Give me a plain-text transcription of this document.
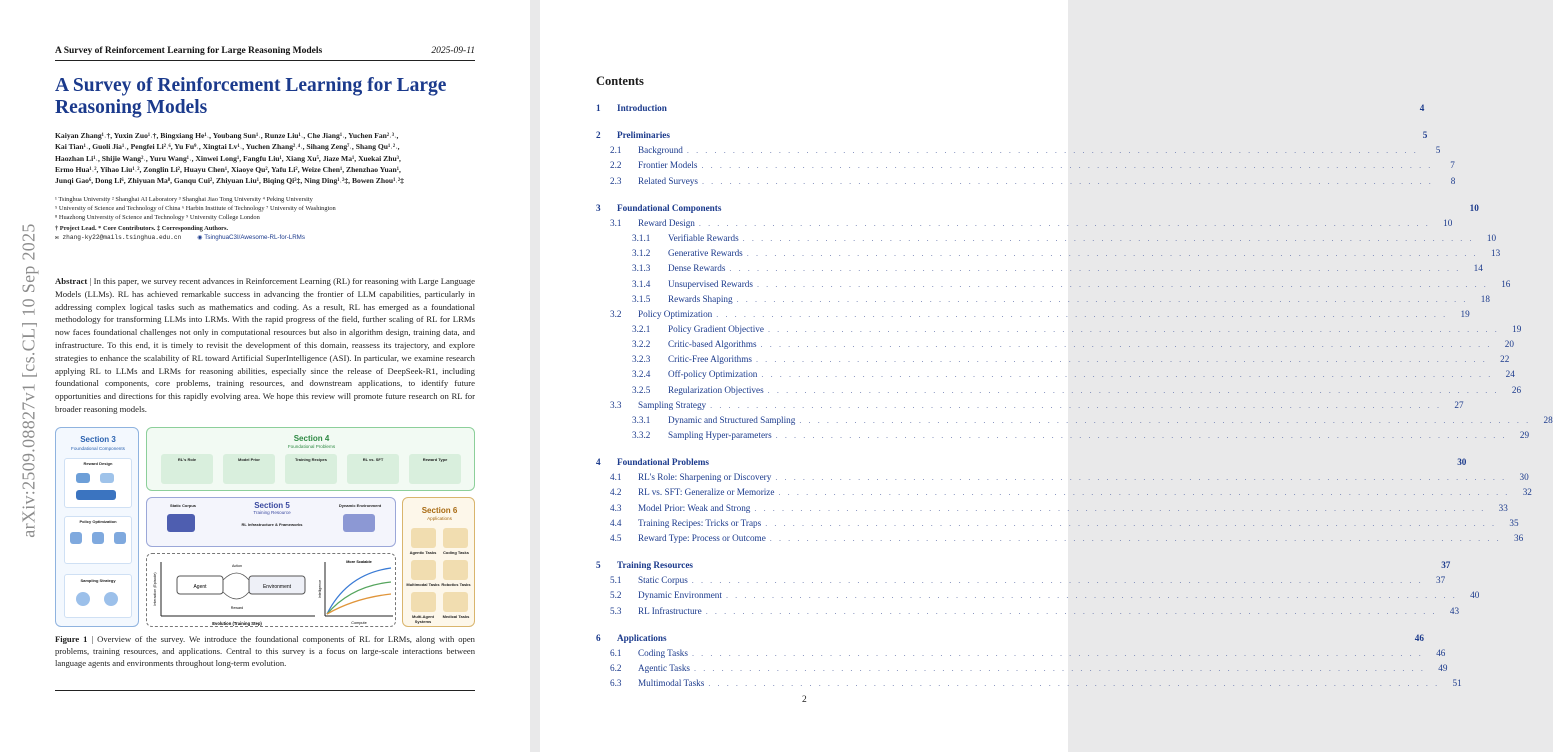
arXiv:2509.08827v1 [cs.CL] 10 Sep 2025
A Survey of Reinforcement Learning for Large Reasoning Models	2025-09-11
A Survey of Reinforcement Learning for Large
Reasoning Models
Kaiyan Zhang¹˒†, Yuxin Zuo¹˒†, Bingxiang He¹˒, Youbang Sun¹˒, Runze Liu¹˒, Che Jiang¹˒, Yuchen Fan²˒³˒,
Kai Tian¹˒, Guoli Jia¹˒, Pengfei Li²˒⁶, Yu Fu⁹˒, Xingtai Lv¹˒, Yuchen Zhang²˒⁴˒, Sihang Zeng⁷˒, Shang Qu¹˒²˒,
Haozhan Li¹˒, Shijie Wang²˒, Yuru Wang¹˒, Xinwei Long¹, Fangfu Liu¹, Xiang Xu⁵, Jiaze Ma¹, Xuekai Zhu³,
Ermo Hua¹˒², Yihao Liu¹˒², Zonglin Li², Huayu Chen¹, Xiaoye Qu², Yafu Li², Weize Chen¹, Zhenzhao Yuan¹,
Junqi Gao⁶, Dong Li⁶, Zhiyuan Ma⁸, Ganqu Cui², Zhiyuan Liu¹, Biqing Qi²‡, Ning Ding¹˒²‡, Bowen Zhou¹˒²‡
¹ Tsinghua University ² Shanghai AI Laboratory ³ Shanghai Jiao Tong University ⁴ Peking University
⁵ University of Science and Technology of China ⁶ Harbin Institute of Technology ⁷ University of Washington
⁸ Huazhong University of Science and Technology ⁹ University College London
† Project Lead. * Core Contributors. ‡ Corresponding Authors.
✉ zhang-ky22@mails.tsinghua.edu.cn	◉ TsinghuaC3I/Awesome-RL-for-LRMs

Abstract | In this paper, we survey recent advances in Reinforcement Learning (RL) for reasoning with Large Language Models (LLMs). RL has achieved remarkable success in advancing the frontier of LLM capabilities, particularly in addressing complex logical tasks such as mathematics and coding. As a result, RL has emerged as a foundational methodology for transforming LLMs into LRMs. With the rapid progress of the field, further scaling of RL for LRMs now faces foundational challenges not only in computational resources but also in algorithm design, training data, and infrastructure. To this end, it is timely to revisit the development of this domain, reassess its trajectory, and explore strategies to enhance the scalability of RL toward Artificial SuperIntelligence (ASI). In particular, we examine research applying RL to LLMs and LRMs for reasoning abilities, especially since the release of DeepSeek-R1, including foundational components, core problems, training resources, and downstream applications, to identify future opportunities and directions for this rapidly evolving area. We hope this review will promote future research on RL for broader reasoning models.

Section 3
Foundational Components
Reward Design
Policy Optimization
Sampling Strategy
Section 4
Foundational Problems
RL's Role	Model Prior	Training Recipes	RL vs. SFT	Reward Type
Section 5
Training Resource
Static Corpus
RL Infrastructure & Frameworks
Dynamic Environment
Section 6
Applications
Agentic Tasks	Coding Tasks
Multimodal Tasks Robotics Tasks
Multi-Agent Systems
Medical Tasks
Agent	Environment
Action
Reward
Evolution (Training Step)
Interaction (Episode)
More Scalable
Compute
Intelligence

Figure 1 | Overview of the survey. We introduce the foundational components of RL for LRMs, along with open problems, training resources, and applications. Central to this survey is a focus on large-scale interactions between language agents and environments throughout long-term evolution.

Contents
1	Introduction	4
2	Preliminaries	5
2.1	Background . . . . . . . . . . . . . . . . . . . . . . . . . . . . . . . . . . . . . . . . . . . . . . . . . . . . . . . . . . . . . . . . . . . . . . . . . . . . . . . .	5
2.2	Frontier Models . . . . . . . . . . . . . . . . . . . . . . . . . . . . . . . . . . . . . . . . . . . . . . . . . . . . . . . . . . . . . . . . . . . . . . . . . . . . . . . .	7
2.3	Related Surveys . . . . . . . . . . . . . . . . . . . . . . . . . . . . . . . . . . . . . . . . . . . . . . . . . . . . . . . . . . . . . . . . . . . . . . . . . . . . . . . .	8
3	Foundational Components	10
3.1	Reward Design . . . . . . . . . . . . . . . . . . . . . . . . . . . . . . . . . . . . . . . . . . . . . . . . . . . . . . . . . . . . . . . . . . . . . . . . . . . . . . . .	10
3.1.1	Verifiable Rewards . . . . . . . . . . . . . . . . . . . . . . . . . . . . . . . . . . . . . . . . . . . . . . . . . . . . . . . . . . . . . . . . . . . . . . . . . . . . . . . .	10
3.1.2	Generative Rewards . . . . . . . . . . . . . . . . . . . . . . . . . . . . . . . . . . . . . . . . . . . . . . . . . . . . . . . . . . . . . . . . . . . . . . . . . . . . . . . .	13
3.1.3	Dense Rewards . . . . . . . . . . . . . . . . . . . . . . . . . . . . . . . . . . . . . . . . . . . . . . . . . . . . . . . . . . . . . . . . . . . . . . . . . . . . . . . .	14
3.1.4	Unsupervised Rewards . . . . . . . . . . . . . . . . . . . . . . . . . . . . . . . . . . . . . . . . . . . . . . . . . . . . . . . . . . . . . . . . . . . . . . . . . . . . . . . .	16
3.1.5	Rewards Shaping . . . . . . . . . . . . . . . . . . . . . . . . . . . . . . . . . . . . . . . . . . . . . . . . . . . . . . . . . . . . . . . . . . . . . . . . . . . . . . . .	18
3.2	Policy Optimization . . . . . . . . . . . . . . . . . . . . . . . . . . . . . . . . . . . . . . . . . . . . . . . . . . . . . . . . . . . . . . . . . . . . . . . . . . . . . . . .	19
3.2.1	Policy Gradient Objective . . . . . . . . . . . . . . . . . . . . . . . . . . . . . . . . . . . . . . . . . . . . . . . . . . . . . . . . . . . . . . . . . . . . . . . . . . . . . . . .	19
3.2.2	Critic-based Algorithms . . . . . . . . . . . . . . . . . . . . . . . . . . . . . . . . . . . . . . . . . . . . . . . . . . . . . . . . . . . . . . . . . . . . . . . . . . . . . . . .	20
3.2.3	Critic-Free Algorithms . . . . . . . . . . . . . . . . . . . . . . . . . . . . . . . . . . . . . . . . . . . . . . . . . . . . . . . . . . . . . . . . . . . . . . . . . . . . . . . .	22
3.2.4	Off-policy Optimization . . . . . . . . . . . . . . . . . . . . . . . . . . . . . . . . . . . . . . . . . . . . . . . . . . . . . . . . . . . . . . . . . . . . . . . . . . . . . . . .	24
3.2.5	Regularization Objectives . . . . . . . . . . . . . . . . . . . . . . . . . . . . . . . . . . . . . . . . . . . . . . . . . . . . . . . . . . . . . . . . . . . . . . . . . . . . . . . .	26
3.3	Sampling Strategy . . . . . . . . . . . . . . . . . . . . . . . . . . . . . . . . . . . . . . . . . . . . . . . . . . . . . . . . . . . . . . . . . . . . . . . . . . . . . . . .	27
3.3.1	Dynamic and Structured Sampling . . . . . . . . . . . . . . . . . . . . . . . . . . . . . . . . . . . . . . . . . . . . . . . . . . . . . . . . . . . . . . . . . . . . . . . . . . . . . . . .	28
3.3.2	Sampling Hyper-parameters . . . . . . . . . . . . . . . . . . . . . . . . . . . . . . . . . . . . . . . . . . . . . . . . . . . . . . . . . . . . . . . . . . . . . . . . . . . . . . . .	29
4	Foundational Problems	30
4.1	RL's Role: Sharpening or Discovery . . . . . . . . . . . . . . . . . . . . . . . . . . . . . . . . . . . . . . . . . . . . . . . . . . . . . . . . . . . . . . . . . . . . . . . . . . . . . . . .	30
4.2	RL vs. SFT: Generalize or Memorize . . . . . . . . . . . . . . . . . . . . . . . . . . . . . . . . . . . . . . . . . . . . . . . . . . . . . . . . . . . . . . . . . . . . . . . . . . . . . . . .	32
4.3	Model Prior: Weak and Strong . . . . . . . . . . . . . . . . . . . . . . . . . . . . . . . . . . . . . . . . . . . . . . . . . . . . . . . . . . . . . . . . . . . . . . . . . . . . . . . .	33
4.4	Training Recipes: Tricks or Traps . . . . . . . . . . . . . . . . . . . . . . . . . . . . . . . . . . . . . . . . . . . . . . . . . . . . . . . . . . . . . . . . . . . . . . . . . . . . . . . .	35
4.5	Reward Type: Process or Outcome . . . . . . . . . . . . . . . . . . . . . . . . . . . . . . . . . . . . . . . . . . . . . . . . . . . . . . . . . . . . . . . . . . . . . . . . . . . . . . . .	36
5	Training Resources	37
5.1	Static Corpus . . . . . . . . . . . . . . . . . . . . . . . . . . . . . . . . . . . . . . . . . . . . . . . . . . . . . . . . . . . . . . . . . . . . . . . . . . . . . . . .	37
5.2	Dynamic Environment . . . . . . . . . . . . . . . . . . . . . . . . . . . . . . . . . . . . . . . . . . . . . . . . . . . . . . . . . . . . . . . . . . . . . . . . . . . . . . . .	40
5.3	RL Infrastructure . . . . . . . . . . . . . . . . . . . . . . . . . . . . . . . . . . . . . . . . . . . . . . . . . . . . . . . . . . . . . . . . . . . . . . . . . . . . . . . .	43
6	Applications	46
6.1	Coding Tasks . . . . . . . . . . . . . . . . . . . . . . . . . . . . . . . . . . . . . . . . . . . . . . . . . . . . . . . . . . . . . . . . . . . . . . . . . . . . . . . .	46
6.2	Agentic Tasks . . . . . . . . . . . . . . . . . . . . . . . . . . . . . . . . . . . . . . . . . . . . . . . . . . . . . . . . . . . . . . . . . . . . . . . . . . . . . . . .	49
6.3	Multimodal Tasks . . . . . . . . . . . . . . . . . . . . . . . . . . . . . . . . . . . . . . . . . . . . . . . . . . . . . . . . . . . . . . . . . . . . . . . . . . . . . . . .	51
2
